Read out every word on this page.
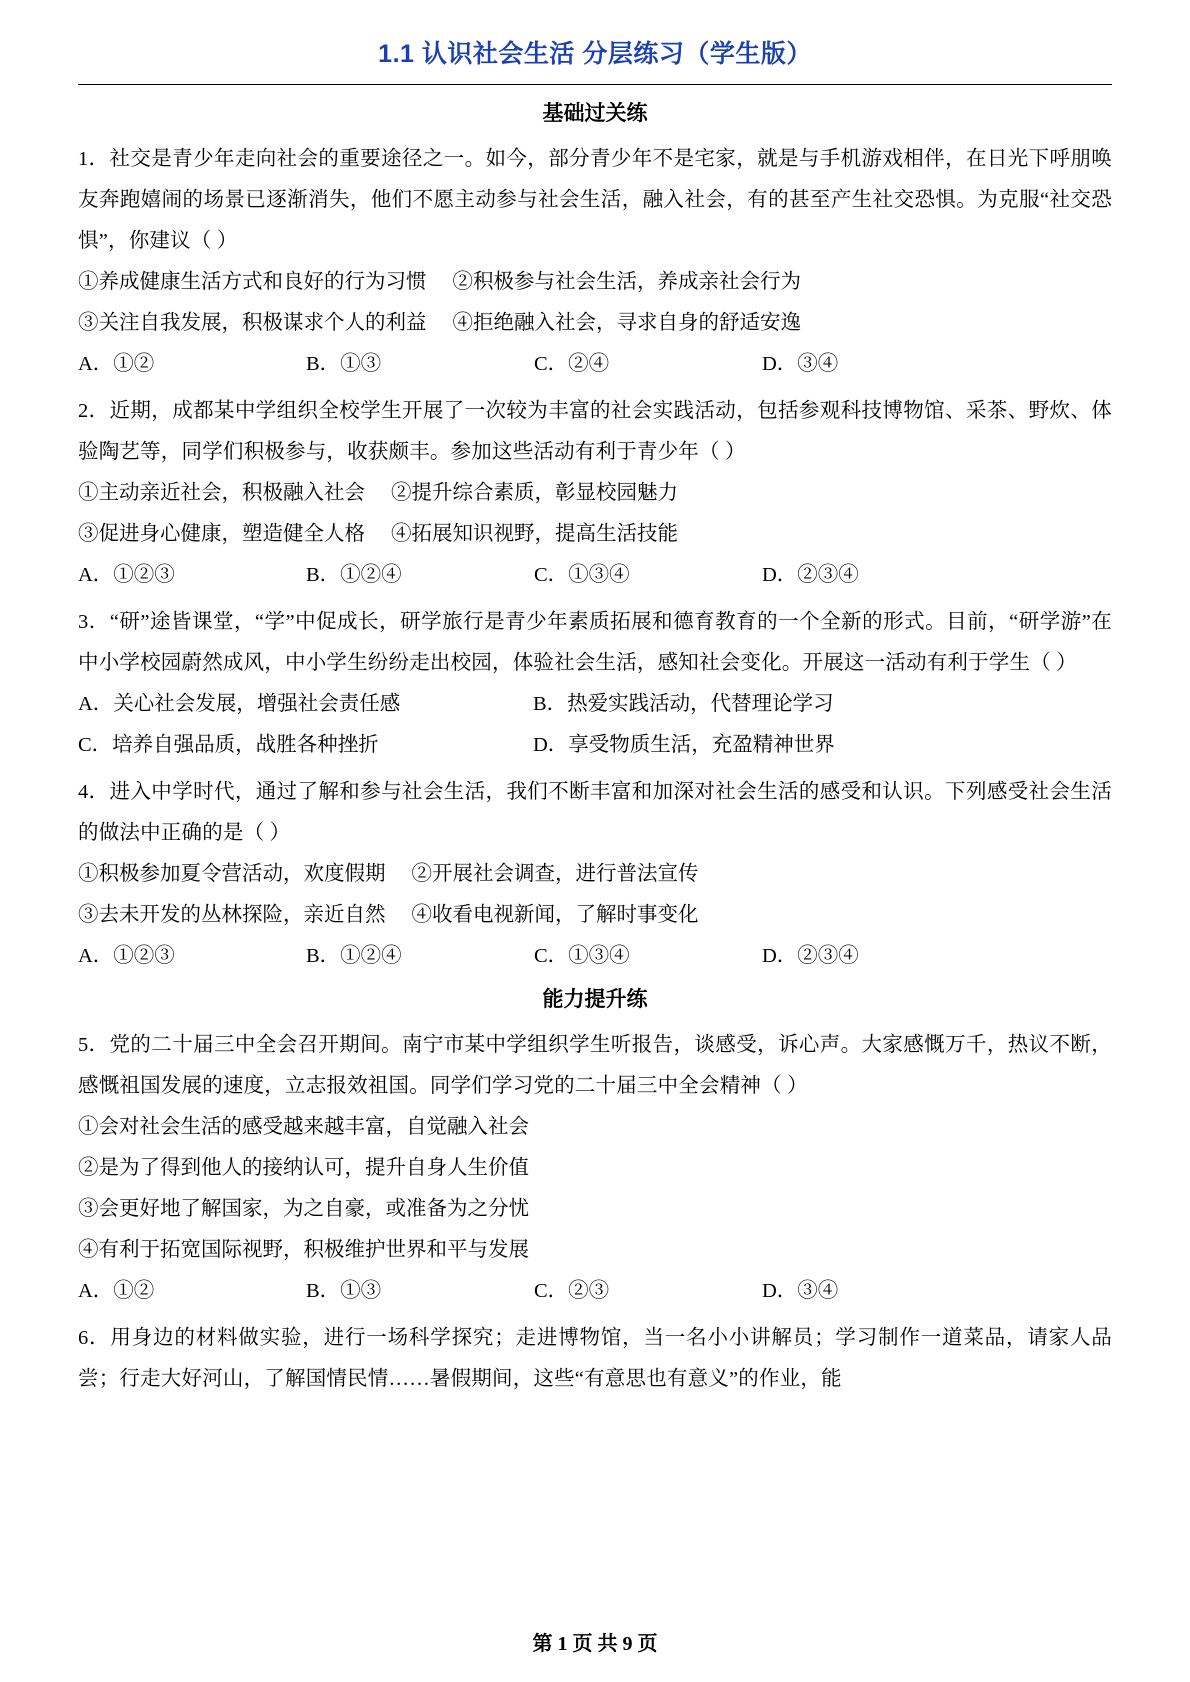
1.1 认识社会生活 分层练习（学生版）
基础过关练
1．社交是青少年走向社会的重要途径之一。如今，部分青少年不是宅家，就是与手机游戏相伴，在日光下呼朋唤友奔跑嬉闹的场景已逐渐消失，他们不愿主动参与社会生活，融入社会，有的甚至产生社交恐惧。为克服“社交恐惧”，你建议（ ）
①养成健康生活方式和良好的行为习惯 ②积极参与社会生活，养成亲社会行为
③关注自我发展，积极谋求个人的利益 ④拒绝融入社会，寻求自身的舒适安逸
A．①②	B．①③	C．②④	D．③④
2．近期，成都某中学组织全校学生开展了一次较为丰富的社会实践活动，包括参观科技博物馆、采茶、野炊、体验陶艺等，同学们积极参与，收获颇丰。参加这些活动有利于青少年（ ）
①主动亲近社会，积极融入社会 ②提升综合素质，彰显校园魅力
③促进身心健康，塑造健全人格 ④拓展知识视野，提高生活技能
A．①②③	B．①②④	C．①③④	D．②③④
3．“研”途皆课堂，“学”中促成长，研学旅行是青少年素质拓展和德育教育的一个全新的形式。目前，“研学游”在中小学校园蔚然成风，中小学生纷纷走出校园，体验社会生活，感知社会变化。开展这一活动有利于学生（ ）
A．关心社会发展，增强社会责任感	B．热爱实践活动，代替理论学习
C．培养自强品质，战胜各种挫折	D．享受物质生活，充盈精神世界
4．进入中学时代，通过了解和参与社会生活，我们不断丰富和加深对社会生活的感受和认识。下列感受社会生活的做法中正确的是（ ）
①积极参加夏令营活动，欢度假期 ②开展社会调查，进行普法宣传
③去未开发的丛林探险，亲近自然 ④收看电视新闻，了解时事变化
A．①②③	B．①②④	C．①③④	D．②③④
能力提升练
5．党的二十届三中全会召开期间。南宁市某中学组织学生听报告，谈感受，诉心声。大家感慨万千，热议不断，感慨祖国发展的速度，立志报效祖国。同学们学习党的二十届三中全会精神（ ）
①会对社会生活的感受越来越丰富，自觉融入社会
②是为了得到他人的接纳认可，提升自身人生价值
③会更好地了解国家，为之自豪，或准备为之分忧
④有利于拓宽国际视野，积极维护世界和平与发展
A．①②	B．①③	C．②③	D．③④
6．用身边的材料做实验，进行一场科学探究；走进博物馆，当一名小小讲解员；学习制作一道菜品，请家人品尝；行走大好河山，了解国情民情……暑假期间，这些“有意思也有意义”的作业，能
第 1 页 共 9 页
